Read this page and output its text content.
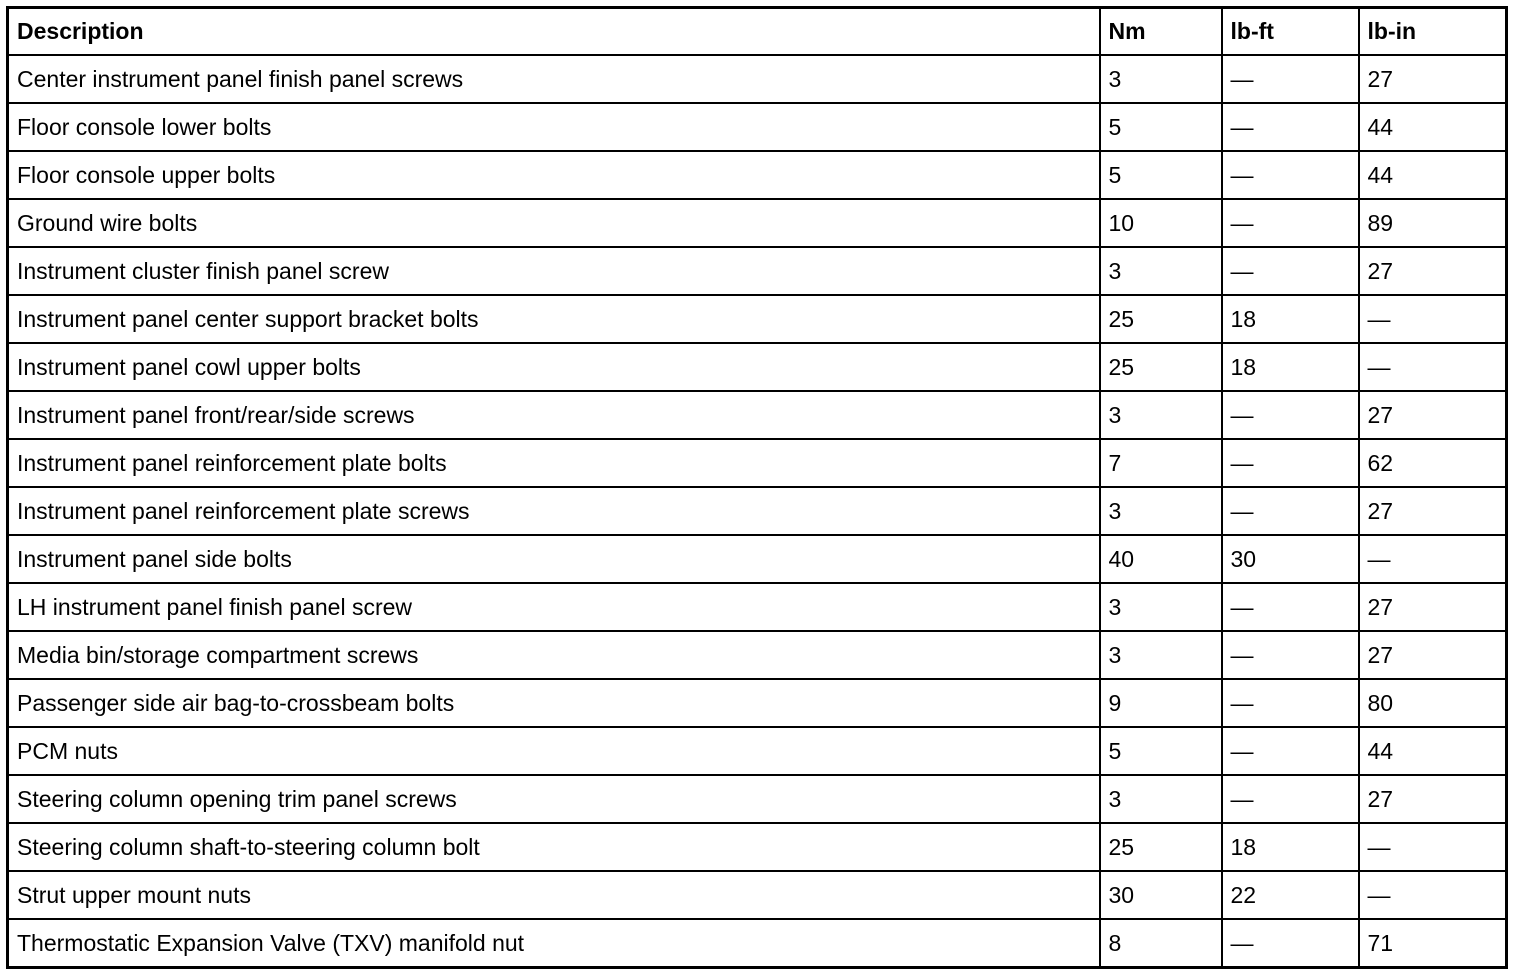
Description	Nm	lb-ft	lb-in
Center instrument panel finish panel screws	3	—	27
Floor console lower bolts	5	—	44
Floor console upper bolts	5	—	44
Ground wire bolts	10	—	89
Instrument cluster finish panel screw	3	—	27
Instrument panel center support bracket bolts	25	18	—
Instrument panel cowl upper bolts	25	18	—
Instrument panel front/rear/side screws	3	—	27
Instrument panel reinforcement plate bolts	7	—	62
Instrument panel reinforcement plate screws	3	—	27
Instrument panel side bolts	40	30	—
LH instrument panel finish panel screw	3	—	27
Media bin/storage compartment screws	3	—	27
Passenger side air bag-to-crossbeam bolts	9	—	80
PCM nuts	5	—	44
Steering column opening trim panel screws	3	—	27
Steering column shaft-to-steering column bolt	25	18	—
Strut upper mount nuts	30	22	—
Thermostatic Expansion Valve (TXV) manifold nut	8	—	71
